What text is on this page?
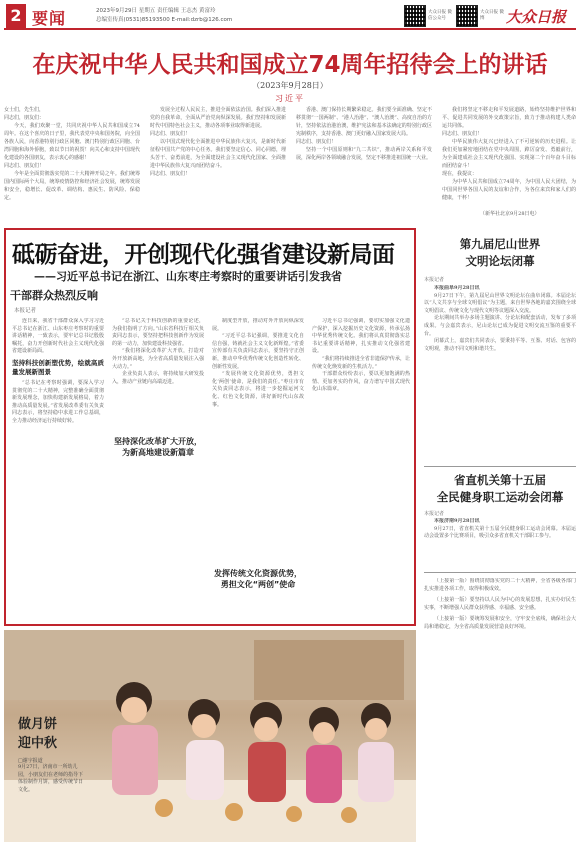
2 要闻	2023年9月29日 星期五 责任编辑 王志杰 黄富玲
总编室传真(0531)85193500 E-mail:dzrb@126.com
大众日报 微信公众号
大众日报 微博	大众日报
在庆祝中华人民共和国成立74周年招待会上的讲话
（2023年9月28日）
习近平
女士们，先生们，
同志们，朋友们：
今天，我们欢聚一堂，共同庆祝中华人民共和国成立74周年。在这个喜庆的日子里，我代表党中央和国务院，向全国各族人民，向香港特别行政区同胞、澳门特别行政区同胞、台湾同胞和海外侨胞，致以节日的祝贺！向关心和支持中国现代化建设的各国朋友，表示衷心的感谢！
同志们、朋友们！
今年是全面贯彻落实党的二十大精神开局之年。我们统筹国内国际两个大局，统筹疫情防控和经济社会发展，统筹发展和安全，稳增长、促改革、调结构、惠民生、防风险、保稳定。
发展全过程人民民主，推进全面依法治国。我们深入推进党的自我革命，全面从严治党向纵深发展。我们坚持和发展新时代中国特色社会主义，推动各项事业取得新进展。
同志们、朋友们！
以中国式现代化全面推进中华民族伟大复兴，是新时代新征程中国共产党的中心任务。我们要坚定信心、同心同德，埋头苦干、奋勇前进，为全面建设社会主义现代化国家、全面推进中华民族伟大复兴而团结奋斗。
同志们、朋友们！
香港、澳门保持长期繁荣稳定。我们要全面准确、坚定不移贯彻“一国两制”、“港人治港”、“澳人治澳”、高度自治的方针，坚持依法治港治澳，维护宪法和基本法确定的特别行政区宪制秩序，支持香港、澳门更好融入国家发展大局。
同志们、朋友们！
坚持一个中国原则和“九二共识”，推动两岸关系和平发展，深化两岸各领域融合发展，坚定不移推进祖国统一大业。
我们将坚定不移走和平发展道路，始终坚持维护世界和平、促进共同发展的外交政策宗旨，致力于推动构建人类命运共同体。
同志们、朋友们！
中华民族伟大复兴已经进入了不可逆转的历史进程。让我们更加紧密地团结在党中央周围，踔厉奋发、勇毅前行，为全面建成社会主义现代化强国、实现第二个百年奋斗目标而团结奋斗！
现在，我提议：
为中华人民共和国成立74周年，为中国人民大团结，为中国同世界各国人民的友谊和合作，为各位来宾和家人们的健康，干杯！
（新华社北京9月28日电）
砥砺奋进，开创现代化强省建设新局面
——习近平总书记在浙江、山东枣庄考察时的重要讲话引发我省
干部群众热烈反响
本报记者
连日来，我省干部群众深入学习习近平总书记在浙江、山东枣庄考察时的重要讲话精神，一致表示，要牢记总书记殷殷嘱托，奋力开创新时代社会主义现代化强省建设新局面。
坚持科技创新塑优势，绘就高质量发展新图景
“总书记在考察时强调，要深入学习贯彻党的二十大精神，完整准确全面贯彻新发展理念，加快构建新发展格局，着力推动高质量发展。”省发展改革委有关负责同志表示，将坚持稳中求进工作总基调，全力推动经济运行持续好转。
“总书记关于科技创新的重要论述，为我们指明了方向。”山东省科技厅相关负责同志表示，要坚持把科技创新作为发展的第一动力，加快建设科技强省。
“我们将深化改革扩大开放，打造对外开放新高地，为全省高质量发展注入强大动力。”
企业负责人表示，将持续加大研发投入，推动产业链向高端迈进。
制度型开放，推动对外开放向纵深发展。
“习近平总书记强调，要推进文化自信自强，铸就社会主义文化新辉煌。”省委宣传部有关负责同志表示，要坚持守正创新，推动中华优秀传统文化创造性转化、创新性发展。
“发展传统文化资源优势，勇担文化‘两创’使命，是我们的责任。”枣庄市有关负责同志表示，将进一步挖掘运河文化、红色文化资源，讲好新时代山东故事。
习近平总书记强调，要切实加强文化遗产保护，深入挖掘历史文化资源，传承弘扬中华优秀传统文化。我们将认真贯彻落实总书记重要讲话精神，扎实推动文化强省建设。
“我们将持续推进全省非遗保护传承，让传统文化焕发新的生机活力。”
干部群众纷纷表示，要以更加饱满的热情、更加务实的作风，奋力谱写中国式现代化山东篇章。
坚持深化改革扩大开放，为新高地建设新篇章
发挥传统文化资源优势，勇担文化“两创”使命
第九届尼山世界
文明论坛闭幕
本报记者
本报曲阜9月28日讯
9月27日下午，第九届尼山世界文明论坛在曲阜闭幕。本届论坛以“人文共享与全球文明倡议”为主题，来自世界各地的嘉宾围绕全球文明倡议、传统文化与现代文明等议题深入交流。
论坛期间共举办多场主题演讲、分论坛和配套活动，发布了多项成果。与会嘉宾表示，尼山论坛已成为促进文明交流互鉴的重要平台。
闭幕式上，嘉宾们共同表示，要秉持平等、互鉴、对话、包容的文明观，推动不同文明和谐共生。
省直机关第十五届
全民健身职工运动会闭幕
本报记者
本报济南9月28日讯
9月27日，省直机关第十五届全民健身职工运动会闭幕。本届运动会设置多个比赛项目，吸引众多省直机关干部职工参与。
（上接第一版）围绕贯彻落实党的二十大精神，全省各级各部门扎实推进各项工作，取得积极成效。
（上接第一版）要坚持以人民为中心的发展思想，扎实办好民生实事，不断增强人民群众获得感、幸福感、安全感。
（上接第一版）要统筹发展和安全，守牢安全底线，确保社会大局和谐稳定，为全省高质量发展营造良好环境。
做月饼
迎中秋
□谢宇报道
9月27日，济南市一所幼儿园，小朋友们在老师的指导下体验制作月饼，感受传统节日文化。
